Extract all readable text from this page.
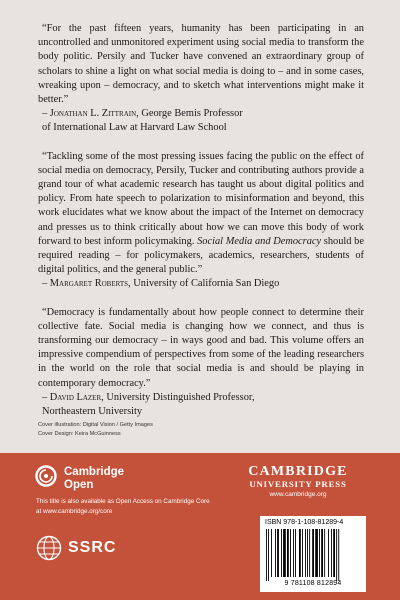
“For the past fifteen years, humanity has been participating in an uncontrolled and unmonitored experiment using social media to transform the body politic. Persily and Tucker have convened an extraordinary group of scholars to shine a light on what social media is doing to – and in some cases, wreaking upon – democracy, and to sketch what interventions might make it better.”

– Jonathan L. Zittrain, George Bemis Professor

of International Law at Harvard Law School

“Tackling some of the most pressing issues facing the public on the effect of social media on democracy, Persily, Tucker and contributing authors provide a grand tour of what academic research has taught us about digital politics and policy. From hate speech to polarization to misinformation and beyond, this work elucidates what we know about the impact of the Internet on democracy and presses us to think critically about how we can move this body of work forward to best inform policymaking. Social Media and Democracy should be required reading – for policymakers, academics, researchers, students of digital politics, and the general public.”

– Margaret Roberts, University of California San Diego

“Democracy is fundamentally about how people connect to determine their collective fate. Social media is changing how we connect, and thus is transforming our democracy – in ways good and bad. This volume offers an impressive compendium of perspectives from some of the leading researchers in the world on the role that social media is and should be playing in contemporary democracy.”

– David Lazer, University Distinguished Professor,

Northeastern University

Cover illustration: Digital Vision / Getty Images
Cover Design: Keira McGuinness
Cambridge
Open
This title is also available as Open Access on Cambridge Core at www.cambridge.org/core
SSRC
CAMBRIDGE
UNIVERSITY PRESS
www.cambridge.org
ISBN 978-1-108-81289-4
9 781108 812894
